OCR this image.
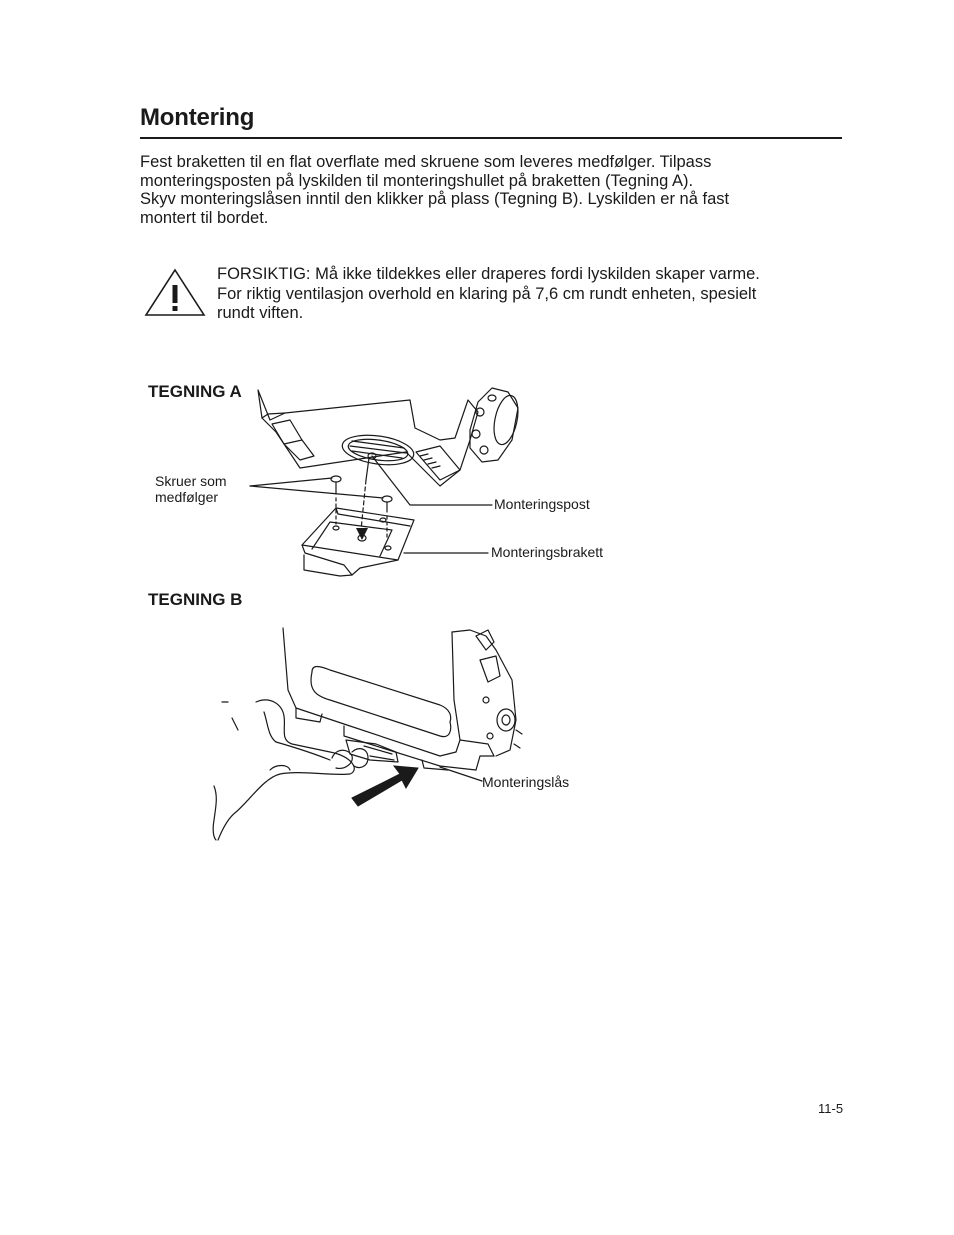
Montering

Fest braketten til en flat overflate med skruene som leveres medfølger. Tilpass
monteringsposten på lyskilden til monteringshullet på braketten (Tegning A).
Skyv monteringslåsen inntil den klikker på plass (Tegning B). Lyskilden er nå fast
montert til bordet.

FORSIKTIG: Må ikke tildekkes eller draperes fordi lyskilden skaper varme.
For riktig ventilasjon overhold en klaring på 7,6 cm rundt enheten, spesielt
rundt viften.

TEGNING A
Skruer som
medfølger	Monteringspost
Monteringsbrakett
TEGNING B
Monteringslås
11-5
